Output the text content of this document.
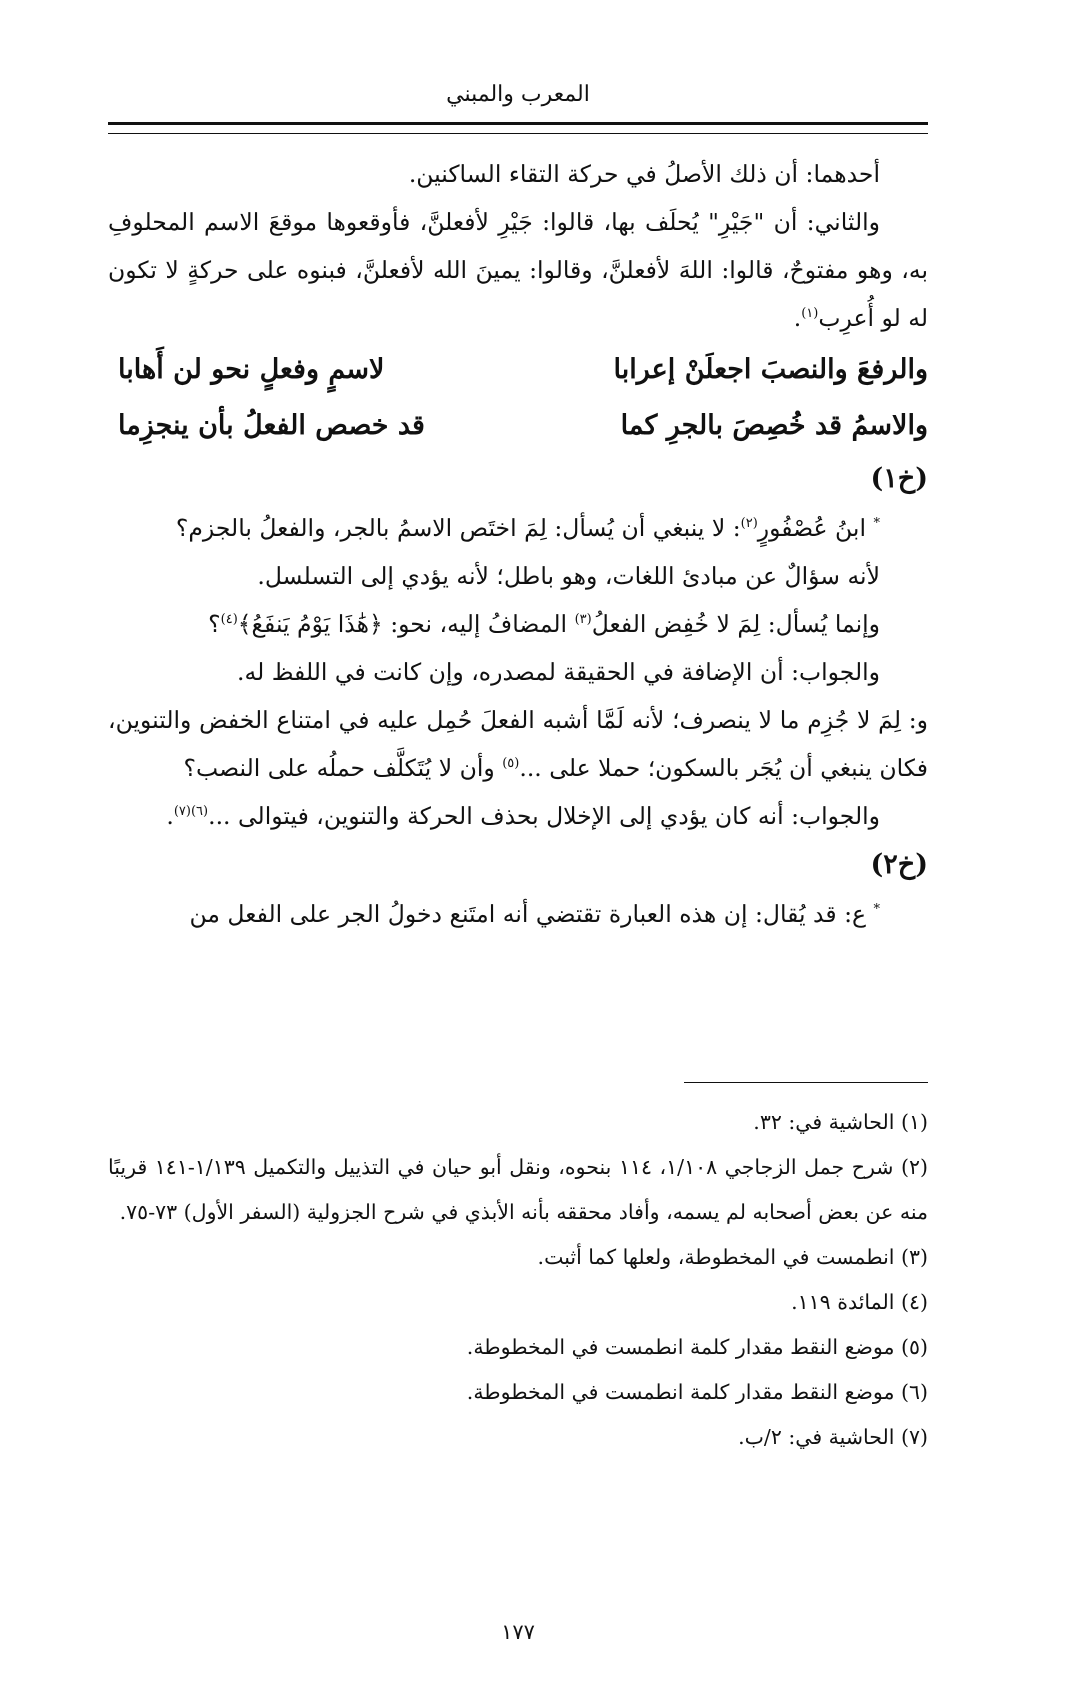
المعرب والمبني

أحدهما: أن ذلك الأصلُ في حركة التقاء الساكنين.

والثاني: أن "جَيْرِ" يُحلَف بها، قالوا: جَيْرِ لأفعلنَّ، فأوقعوها موقعَ الاسم المحلوفِ به، وهو مفتوحٌ، قالوا: اللهَ لأفعلنَّ، وقالوا: يمينَ الله لأفعلنَّ، فبنوه على حركةٍ لا تكون له لو أُعرِب$^{(١)}$.

والرفعَ والنصبَ اجعلَنْ إعرابا
لاسمٍ وفعلٍ نحو لن أَهابا
والاسمُ قد خُصِصَ بالجرِ كما
قد خصص الفعلُ بأن ينجزِما

(خ١)

* ابنُ عُصْفُورٍ$^{(٢)}$: لا ينبغي أن يُسأل: لِمَ اختَص الاسمُ بالجر، والفعلُ بالجزم؟

لأنه سؤالٌ عن مبادئ اللغات، وهو باطل؛ لأنه يؤدي إلى التسلسل.

وإنما يُسأل: لِمَ لا خُفِض الفعلُ$^{(٣)}$ المضافُ إليه، نحو: ﴿هَٰذَا يَوْمُ يَنفَعُ﴾$^{(٤)}$؟

والجواب: أن الإضافة في الحقيقة لمصدره، وإن كانت في اللفظ له.

و: لِمَ لا جُزِم ما لا ينصرف؛ لأنه لَمَّا أشبه الفعلَ حُمِل عليه في امتناع الخفض والتنوين، فكان ينبغي أن يُجَر بالسكون؛ حملا على ...$^{(٥)}$ وأن لا يُتَكلَّف حملُه على النصب؟

والجواب: أنه كان يؤدي إلى الإخلال بحذف الحركة والتنوين، فيتوالى ...$^{(٦)(٧)}$.

(خ٢)

* ع: قد يُقال: إن هذه العبارة تقتضي أنه امتَنع دخولُ الجر على الفعل من

(١) الحاشية في: ٣٢.

(٢) شرح جمل الزجاجي ١/١٠٨، ١١٤ بنحوه، ونقل أبو حيان في التذييل والتكميل ١/١٣٩-١٤١ قريبًا منه عن بعض أصحابه لم يسمه، وأفاد محققه بأنه الأبذي في شرح الجزولية (السفر الأول) ٧٣-٧٥.

(٣) انطمست في المخطوطة، ولعلها كما أثبت.

(٤) المائدة ١١٩.

(٥) موضع النقط مقدار كلمة انطمست في المخطوطة.

(٦) موضع النقط مقدار كلمة انطمست في المخطوطة.

(٧) الحاشية في: ٢/ب.

١٧٧
